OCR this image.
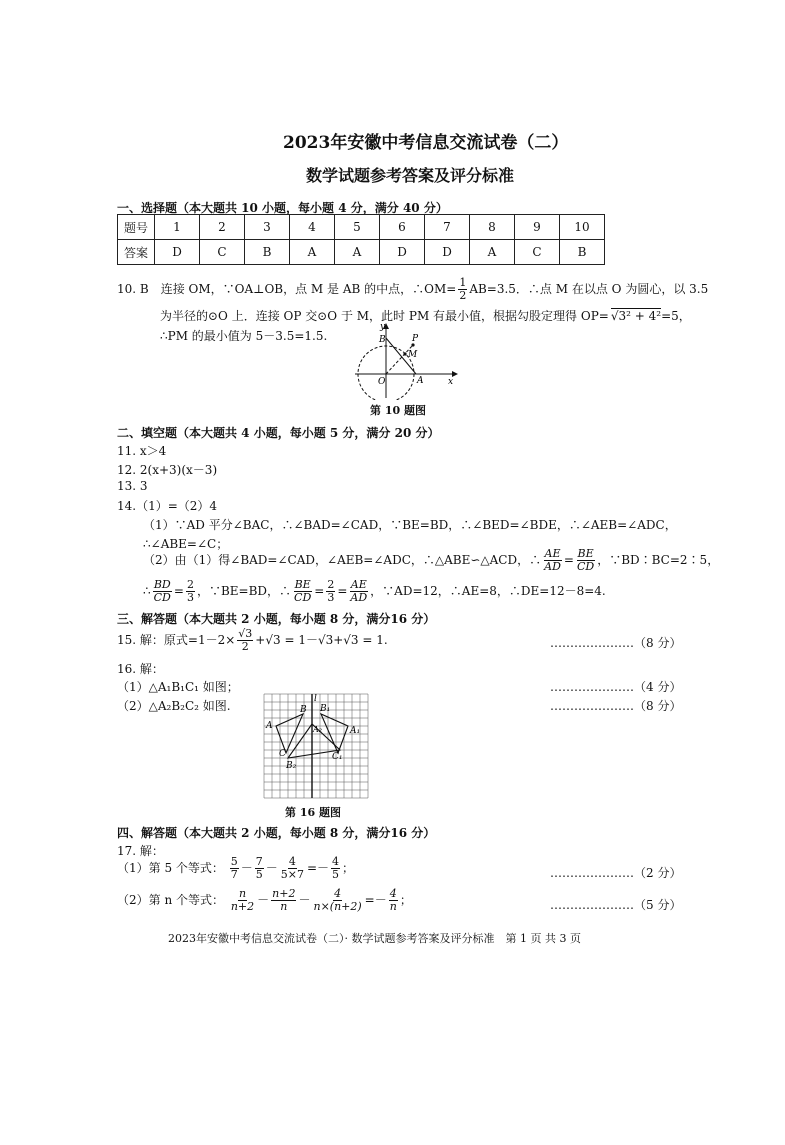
2023年安徽中考信息交流试卷（二）
数学试题参考答案及评分标准
一、选择题（本大题共 10 小题，每小题 4 分，满分 40 分）
题号	1	2	3	4	5	6	7	8	9	10
答案	D	C	B	A	A	D	D	A	C	B
10. B　连接 OM，∵OA⊥OB，点 M 是 AB 的中点，∴OM= $\frac{1}{2} AB=3.5$．∴点 M 在以点 O 为圆心，以 3.5
为半径的⊙O 上．连接 OP 交⊙O 于 M，此时 PM 有最小值，根据勾股定理得 OP= √3² + 4²=5，
∴PM 的最小值为 5－3.5=1.5.
y
x
B	P
M
O	A
第 10 题图
二、填空题（本大题共 4 小题，每小题 5 分，满分 20 分）
11. x＞4
12. 2(x+3)(x－3)
13. 3
14.（1）=（2）4
（1）∵AD 平分∠BAC，∴∠BAD=∠CAD，∵BE=BD，∴∠BED=∠BDE，∴∠AEB=∠ADC，
∴∠ABE=∠C；
（2）由（1）得∠BAD=∠CAD，∠AEB=∠ADC，∴△ABE∽△ACD，∴ $\frac{AE}{AD} = \frac{BE}{CD}$ ，∵BD∶BC=2∶5，
∴ $\frac{BD}{CD} = \frac{2}{3}$ ，∵BE=BD，∴ $\frac{BE}{CD} = \frac{2}{3} = \frac{AE}{AD}$ ，∵AD=12，∴AE=8，∴DE=12－8=4.
三、解答题（本大题共 2 小题，每小题 8 分，满分16 分）
15. 解：原式$=1-2\times \frac{√3}{2} +√3 = 1-√3+√3 = 1$.	…………………（8 分）
16. 解：
（1）△A₁B₁C₁ 如图；	…………………（4 分）
（2）△A₂B₂C₂ 如图.	…………………（8 分）
l
A
B B₁
A₁
A₂
C	C₁
B₂
第 16 题图
四、解答题（本大题共 2 小题，每小题 8 分，满分16 分）
17. 解：
（1）第 5 个等式： $\frac{5}{7} - \frac{7}{5} - \frac{4}{5\times 7} =- \frac{4}{5}$ ；	…………………（2 分）
（2）第 n 个等式： $\frac{n}{n+2} - \frac{n+2}{n} - \frac{4}{n\times(n+2)} =- \frac{4}{n}$ ；	…………………（5 分）
2023年安徽中考信息交流试卷（二）· 数学试题参考答案及评分标准　第 1 页 共 3 页
